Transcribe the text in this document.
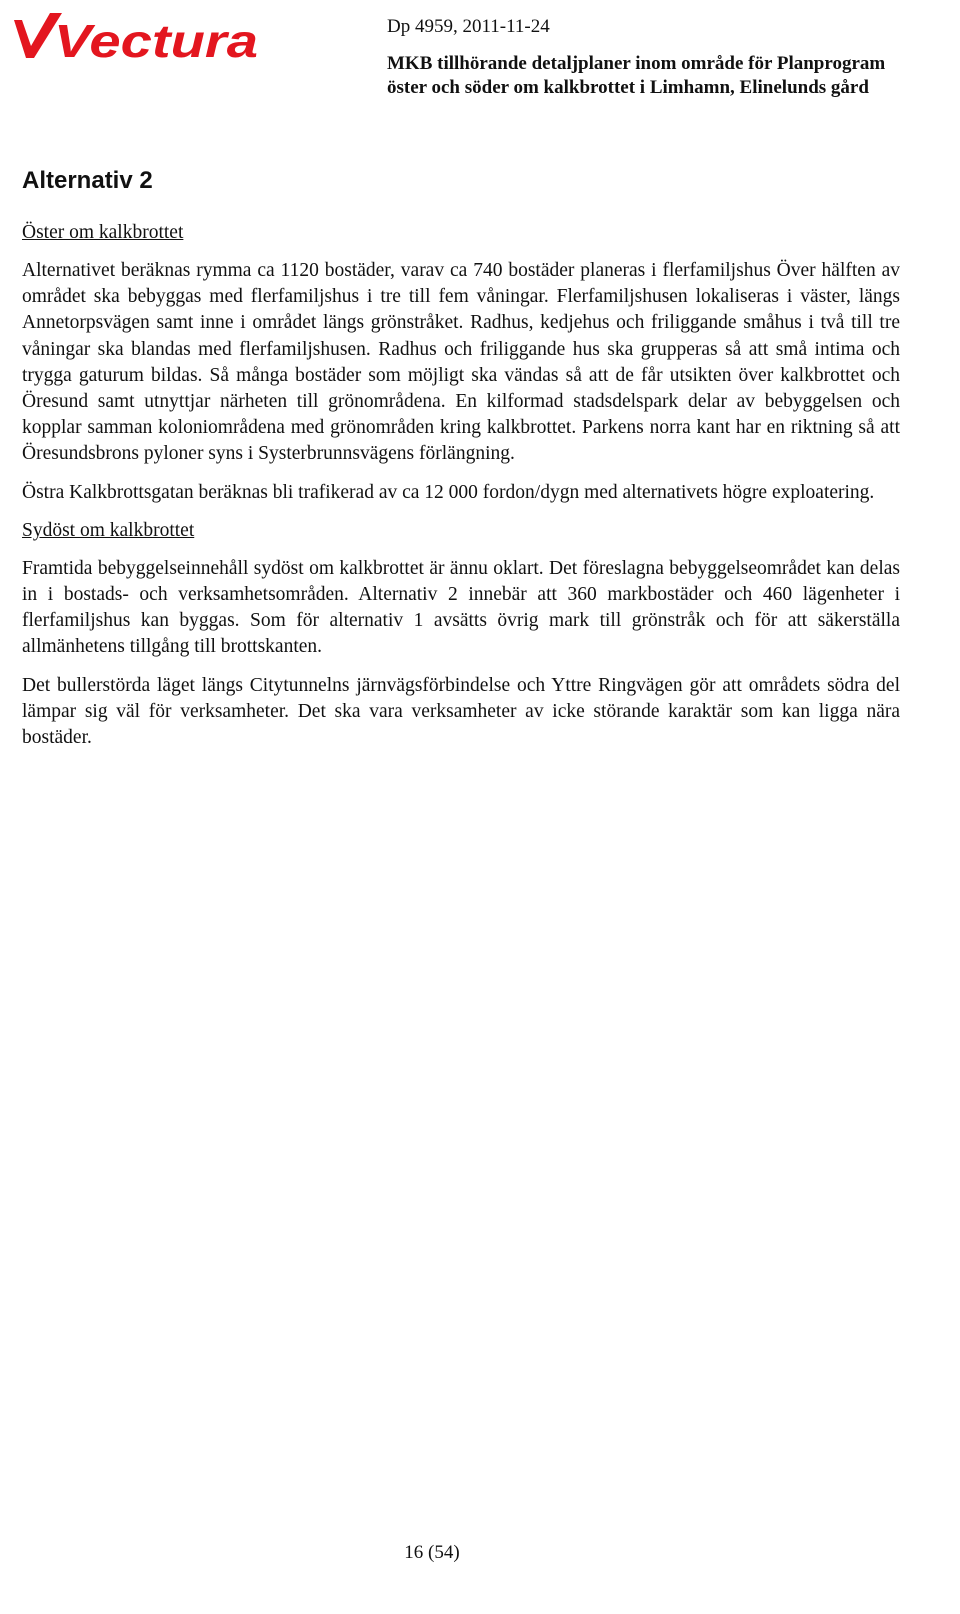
Vectura	Dp 4959, 2011-11-24

MKB tillhörande detaljplaner inom område för Planprogram
öster och söder om kalkbrottet i Limhamn, Elinelunds gård

Alternativ 2

Öster om kalkbrottet

Alternativet beräknas rymma ca 1120 bostäder, varav ca 740 bostäder planeras i flerfamiljshus Över hälften av området ska bebyggas med flerfamiljshus i tre till fem våningar. Flerfamiljshusen lokaliseras i väster, längs Annetorpsvägen samt inne i området längs grönstråket. Radhus, kedjehus och friliggande småhus i två till tre våningar ska blandas med flerfamiljshusen. Radhus och friliggande hus ska grupperas så att små intima och trygga gaturum bildas. Så många bostäder som möjligt ska vändas så att de får utsikten över kalkbrottet och Öresund samt utnyttjar närheten till grönområdena. En kilformad stadsdelspark delar av bebyggelsen och kopplar samman koloniområdena med grönområden kring kalkbrottet. Parkens norra kant har en riktning så att Öresundsbrons pyloner syns i Systerbrunnsvägens förlängning.

Östra Kalkbrottsgatan beräknas bli trafikerad av ca 12 000 fordon/dygn med alternativets högre exploatering.

Sydöst om kalkbrottet

Framtida bebyggelseinnehåll sydöst om kalkbrottet är ännu oklart. Det föreslagna bebyggelseområdet kan delas in i bostads- och verksamhetsområden. Alternativ 2 innebär att 360 markbostäder och 460 lägenheter i flerfamiljshus kan byggas. Som för alternativ 1 avsätts övrig mark till grönstråk och för att säkerställa allmänhetens tillgång till brottskanten.

Det bullerstörda läget längs Citytunnelns järnvägsförbindelse och Yttre Ringvägen gör att områdets södra del lämpar sig väl för verksamheter. Det ska vara verksamheter av icke störande karaktär som kan ligga nära bostäder.

16 (54)
